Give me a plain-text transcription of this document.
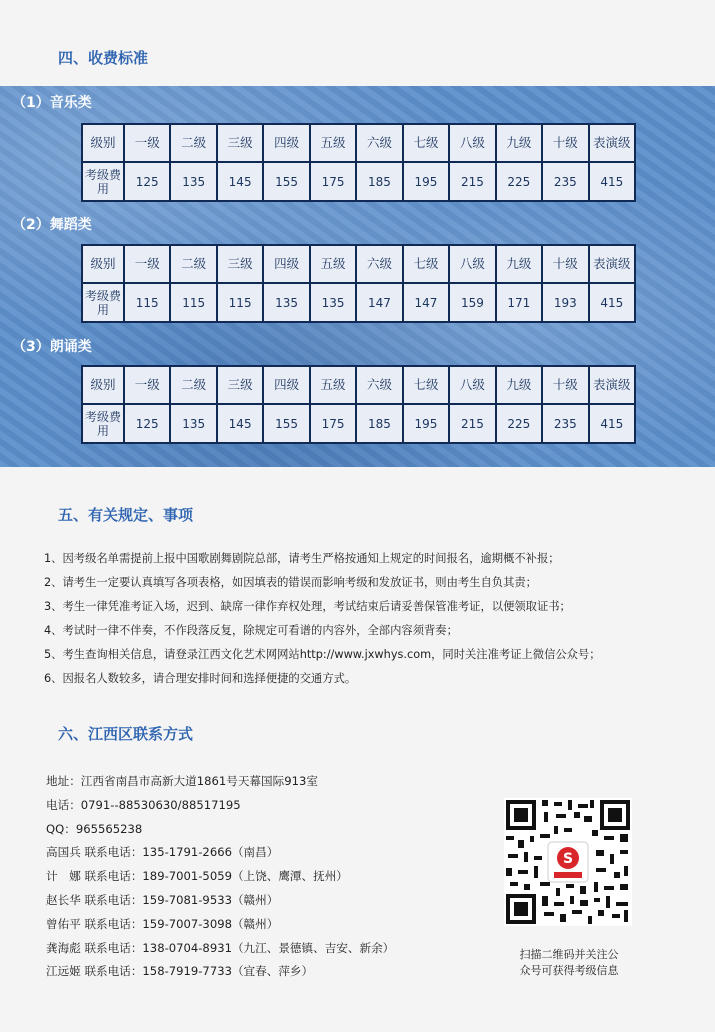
四、收费标准
（1）音乐类
级别	一级	二级	三级	四级	五级	六级	七级	八级	九级	十级	表演级
考级费用	125	135	145	155	175	185	195	215	225	235	415
（2）舞蹈类
级别	一级	二级	三级	四级	五级	六级	七级	八级	九级	十级	表演级
考级费用	115	115	115	135	135	147	147	159	171	193	415
（3）朗诵类
级别	一级	二级	三级	四级	五级	六级	七级	八级	九级	十级	表演级
考级费用	125	135	145	155	175	185	195	215	225	235	415
五、有关规定、事项
1、因考级名单需提前上报中国歌剧舞剧院总部，请考生严格按通知上规定的时间报名，逾期概不补报；
2、请考生一定要认真填写各项表格，如因填表的错误而影响考级和发放证书，则由考生自负其责；
3、考生一律凭准考证入场，迟到、缺席一律作弃权处理，考试结束后请妥善保管准考证，以便领取证书；
4、考试时一律不伴奏，不作段落反复，除规定可看谱的内容外，全部内容须背奏；
5、考生查询相关信息，请登录江西文化艺术网网站http://www.jxwhys.com，同时关注准考证上微信公众号；
6、因报名人数较多，请合理安排时间和选择便捷的交通方式。
六、江西区联系方式
地址：江西省南昌市高新大道1861号天幕国际913室
电话：0791--88530630/88517195
QQ：965565238
高国兵 联系电话：135-1791-2666（南昌）
计　娜 联系电话：189-7001-5059（上饶、鹰潭、抚州）
赵长华 联系电话：159-7081-9533（赣州）
曾佑平 联系电话：159-7007-3098（赣州）
龚海彪 联系电话：138-0704-8931（九江、景德镇、吉安、新余）
江远姬 联系电话：158-7919-7733（宜春、萍乡）
S
扫描二维码并关注公
众号可获得考级信息
